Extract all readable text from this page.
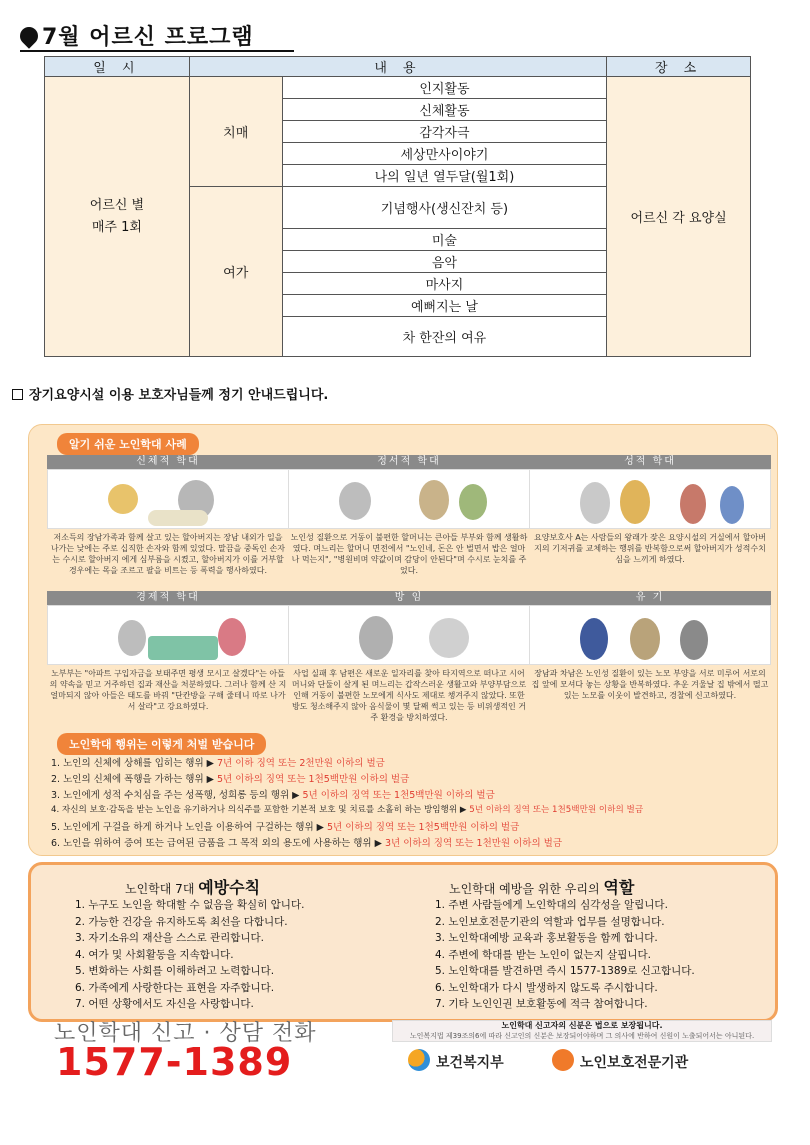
7월 어르신 프로그램
일 시	내 용		장 소

어르신 별
매주 1회	치매	인지활동	어르신 각 요양실
		신체활동	
		감각자극	
		세상만사이야기	
		나의 일년 열두달(월1회)	
	여가	기념행사(생신잔치 등)	
		미술	
		음악	
		마사지	
		예뻐지는 날	
		차 한잔의 여유	
장기요양시설 이용 보호자님들께 정기 안내드립니다.
알기 쉬운 노인학대 사례
신체적 학대
저소득의 장남가족과 함께 살고 있는 할아버지는 장남 내외가 일을 나가는 낮에는 주로 십직한 손자와 함께 있었다. 말끔을 중독인 손자는 수시로 할아버지 에게 심부름을 시켰고, 할아버지가 이를 거부할 경우에는 목을 조르고 팔을 비트는 등 폭력을 행사하였다.
정서적 학대
노인성 질환으로 거동이 불편한 할머니는 큰아들 부부와 함께 생활하였다. 며느리는 할머니 면전에서 "노인네, 돈은 안 벌면서 밥은 얼마나 먹는지", "병원비며 약값이며 감당이 안된다"며 수시로 눈치를 주었다.
성적 학대
요양보호사 A는 사람들의 왕래가 잦은 요양시설의 거실에서 할아버지의 기저귀를 교체하는 행위를 반복함으로써 할아버지가 성적수치심을 느끼게 하였다.
경제적 학대
노부부는 "아파트 구입자금을 보태주면 평생 모시고 살겠다"는 아들의 약속을 믿고 거주하던 집과 재산을 처분하였다. 그러나 함께 산 지 얼마되지 않아 아들은 태도를 바꿔 "단칸방을 구해 줄테니 따로 나가서 살라"고 강요하였다.
방 임
사업 실패 후 남편은 새로운 일자리를 찾아 타지역으로 떠나고 시어머니와 단둘이 살게 된 며느리는 갑작스러운 생활고와 부양부담으로 인해 거동이 불편한 노모에게 식사도 제대로 챙겨주지 않았다. 또한 방도 청소해주지 않아 음식물이 몇 달째 썩고 있는 등 비위생적인 거주 환경을 방치하였다.
유 기
장남과 차남은 노인성 질환이 있는 노모 부양을 서로 미루어 서로의 집 앞에 모셔다 놓는 상황을 반복하였다. 추운 겨울날 집 밖에서 떨고 있는 노모를 이웃이 발견하고, 경찰에 신고하였다.
노인학대 행위는 이렇게 처벌 받습니다
1. 노인의 신체에 상해를 입히는 행위 ▶ 7년 이하 징역 또는 2천만원 이하의 벌금
2. 노인의 신체에 폭행을 가하는 행위 ▶ 5년 이하의 징역 또는 1천5백만원 이하의 벌금
3. 노인에게 성적 수치심을 주는 성폭행, 성희롱 등의 행위 ▶ 5년 이하의 징역 또는 1천5백만원 이하의 벌금
4. 자신의 보호·감독을 받는 노인을 유기하거나 의식주를 포함한 기본적 보호 및 치료를 소홀히 하는 방임행위 ▶ 5년 이하의 징역 또는 1천5백만원 이하의 벌금
5. 노인에게 구걸을 하게 하거나 노인을 이용하여 구걸하는 행위 ▶ 5년 이하의 징역 또는 1천5백만원 이하의 벌금
6. 노인을 위하여 증여 또는 급여된 금품을 그 목적 외의 용도에 사용하는 행위 ▶ 3년 이하의 징역 또는 1천만원 이하의 벌금
노인학대 7대 예방수칙
1. 누구도 노인을 학대할 수 없음을 확실히 압니다.
2. 가능한 건강을 유지하도록 최선을 다합니다.
3. 자기소유의 재산을 스스로 관리합니다.
4. 여가 및 사회활동을 지속합니다.
5. 변화하는 사회를 이해하려고 노력합니다.
6. 가족에게 사랑한다는 표현을 자주합니다.
7. 어떤 상황에서도 자신을 사랑합니다.
노인학대 예방을 위한 우리의 역할
1. 주변 사람들에게 노인학대의 심각성을 알립니다.
2. 노인보호전문기관의 역할과 업무를 설명합니다.
3. 노인학대예방 교육과 홍보활동을 함께 합니다.
4. 주변에 학대를 받는 노인이 없는지 살핍니다.
5. 노인학대를 발견하면 즉시 1577-1389로 신고합니다.
6. 노인학대가 다시 발생하지 않도록 주시합니다.
7. 기타 노인인권 보호활동에 적극 참여합니다.
노인학대 신고 · 상담 전화
1577-1389
노인학대 신고자의 신분은 법으로 보장됩니다.
노인복지법 제39조의6에 따라 신고인의 신분은 보장되어야하며 그 의사에 반하여 신원이 노출되어서는 아니된다.
보건복지부	노인보호전문기관
